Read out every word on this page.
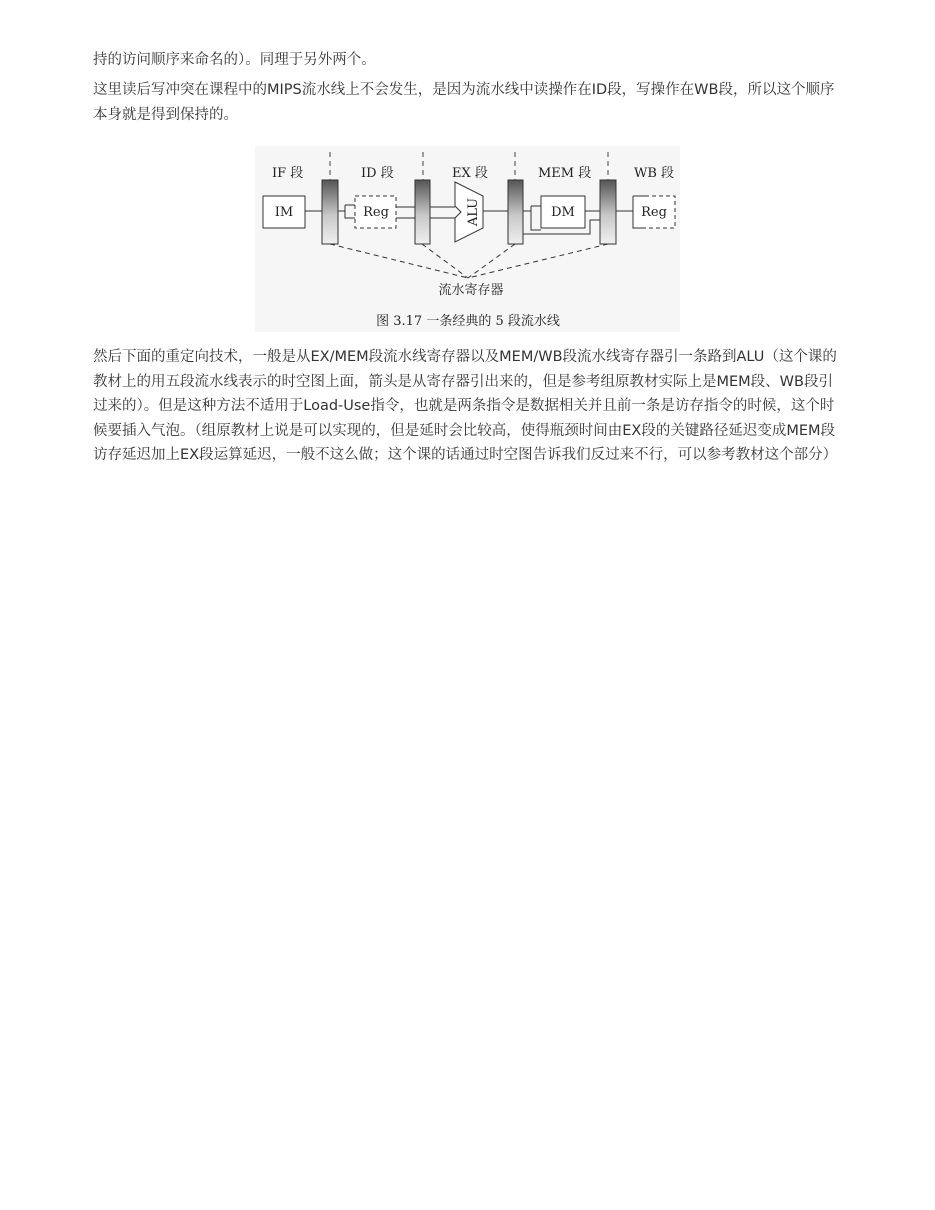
持的访问顺序来命名的）。同理于另外两个。

这里读后写冲突在课程中的MIPS流水线上不会发生，是因为流水线中读操作在ID段，写操作在WB段，所以这个顺序本身就是得到保持的。

IF 段	ID 段	EX 段	MEM 段	WB 段
IM	Reg	ALU	DM	Reg
流水寄存器
图 3.17 一条经典的 5 段流水线

然后下面的重定向技术，一般是从EX/MEM段流水线寄存器以及MEM/WB段流水线寄存器引一条路到ALU（这个课的教材上的用五段流水线表示的时空图上面，箭头是从寄存器引出来的，但是参考组原教材实际上是MEM段、WB段引过来的）。但是这种方法不适用于Load-Use指令，也就是两条指令是数据相关并且前一条是访存指令的时候，这个时候要插入气泡。（组原教材上说是可以实现的，但是延时会比较高，使得瓶颈时间由EX段的关键路径延迟变成MEM段访存延迟加上EX段运算延迟，一般不这么做；这个课的话通过时空图告诉我们反过来不行，可以参考教材这个部分）
